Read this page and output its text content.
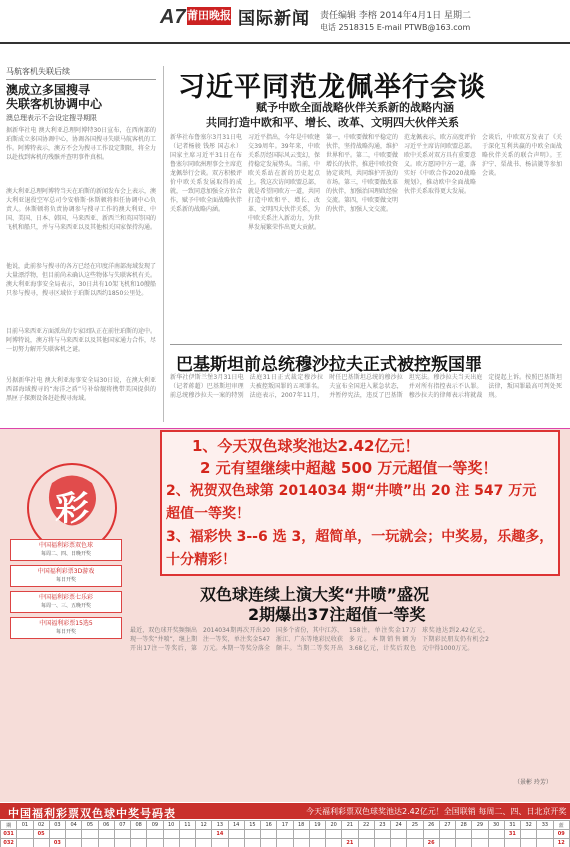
A7 莆田晚报 国际新闻 责任编辑 李榕 2014年4月1日 星期二
电话 2518315 E-mail PTWB@163.com
马航客机失联后续
澳成立多国搜寻
失联客机协调中心
澳总理表示不会设定搜寻期限
据新华社电 澳大利亚总理阿博特30日宣布，在西南部的珀斯成立多国协调中心，协调各国搜寻失联马航客机的工作。阿博特表示，澳方不会为搜寻工作设定期限，将全力以赴找到客机的残骸并查明事件真相。
澳大利亚总理阿博特当天在珀斯的新闻发布会上表示，澳大利亚退役空军总司令安格斯·休斯顿将担任协调中心负责人。休斯顿将负责协调参与搜寻工作的澳大利亚、中国、美国、日本、韩国、马来西亚、新西兰和英国等国的飞机和船只，并与马来西亚以及其他相关国家保持沟通。
他说，此前参与搜寻的各方已经在印度洋南部海域发现了大量漂浮物，但目前尚未确认这些物体与失联客机有关。澳大利亚海事安全局表示，30日共有10架飞机和10艘船只参与搜寻，搜寻区域位于珀斯以西约1850公里处。
目前马来西亚方面派出的专家团队正在前往珀斯的途中。阿博特说，澳方将与马来西亚以及其他国家通力合作，尽一切努力解开失联客机之谜。
另据新华社电 澳大利亚海事安全局30日说，在澳大利亚西部海域搜寻的“海洋之盾”号补给舰将携带美国提供的黑匣子探测设备赶赴搜寻海域。
习近平同范龙佩举行会谈
赋予中欧全面战略伙伴关系新的战略内涵
共同打造中欧和平、增长、改革、文明四大伙伴关系
新华社布鲁塞尔3月31日电（记者杨骏 钱彤 国志永）国家主席习近平31日在布鲁塞尔同欧洲理事会主席范龙佩举行会谈。双方积极评价中欧关系发展取得的成就，一致同意加强全方位合作，赋予中欧全面战略伙伴关系新的战略内涵。
习近平指出，今年是中欧建交39周年。39年来，中欧关系历经国际风云变幻，保持稳定发展势头。当前，中欧关系站在新的历史起点上。我这次访问欧盟总部，就是希望同欧方一道，共同打造中欧和平、增长、改革、文明四大伙伴关系，为中欧关系注入新动力，为世界发展繁荣作出更大贡献。
第一，中欧要做和平稳定的伙伴，坚持战略沟通，维护世界和平。第二，中欧要做增长的伙伴，推进中欧投资协定谈判，共同维护开放的市场。第三，中欧要做改革的伙伴，加强治国理政经验交流。第四，中欧要做文明的伙伴，加强人文交流。
范龙佩表示，欧方高度评价习近平主席访问欧盟总部。欧中关系对双方具有重要意义。欧方愿同中方一道，落实好《中欧合作2020战略规划》，推动欧中全面战略伙伴关系取得更大发展。
会谈后，中欧双方发表了《关于深化互利共赢的中欧全面战略伙伴关系的联合声明》。王沪宁、栗战书、杨洁篪等参加会谈。
巴基斯坦前总统穆沙拉夫正式被控叛国罪
新华社伊斯兰堡3月31日电（记者蒋超）巴基斯坦审理前总统穆沙拉夫一案的特别法庭31日正式裁定穆沙拉夫被控叛国罪的五项罪名。法庭表示，2007年11月，时任巴基斯坦总统的穆沙拉夫宣布全国进入紧急状态，并暂停宪法，违反了巴基斯坦宪法。穆沙拉夫当天出庭并对所有指控表示不认罪。穆沙拉夫的律师表示将就裁定提起上诉。按照巴基斯坦法律，叛国罪最高可判处死刑。
彩
中国福利彩票双色球
每周二、四、日晚开奖
中国福利彩票3D游戏
每日开奖
中国福利彩票七乐彩
每周一、三、五晚开奖
中国福利彩票15选5
每日开奖
1、今天双色球奖池达2.42亿元！
2 元有望继续中超越 500 万元超值一等奖！
2、祝贺双色球第 2014034 期“井喷”出 20 注 547 万元
超值一等奖！
3、福彩快 3--6 选 3，超简单，一玩就会；中奖易，乐趣多，
十分精彩！
双色球连续上演大奖“井喷”盛况
2期爆出37注超值一等奖
最近，双色球开奖频频出现一等奖“井喷”，继上期开出17注一等奖后，第2014034期再次开出20注一等奖，单注奖金547万元。本期一等奖分落全国多个省份，其中江苏、浙江、广东等地彩民收获颇丰。当期二等奖开出158注，单注奖金17万多元。本期销售额为3.68亿元，计奖后双色球奖池达到2.42亿元，下期彩民朋友仍有机会2元中得1000万元。
（景彬 玲芳）
中国福利彩票双色球中奖号码表	今天福利彩票双色球奖池达2.42亿元！全国联销 每周二、四、日北京开奖
期	01	02	03	04	05	06	07	08	09	10	11	12	13	14	15	16	17	18	19	20	21	22	23	24	25	26	27	28	29	30	31	32	33	蓝
031		05											14																		31			09
032			03																		21					26								12
